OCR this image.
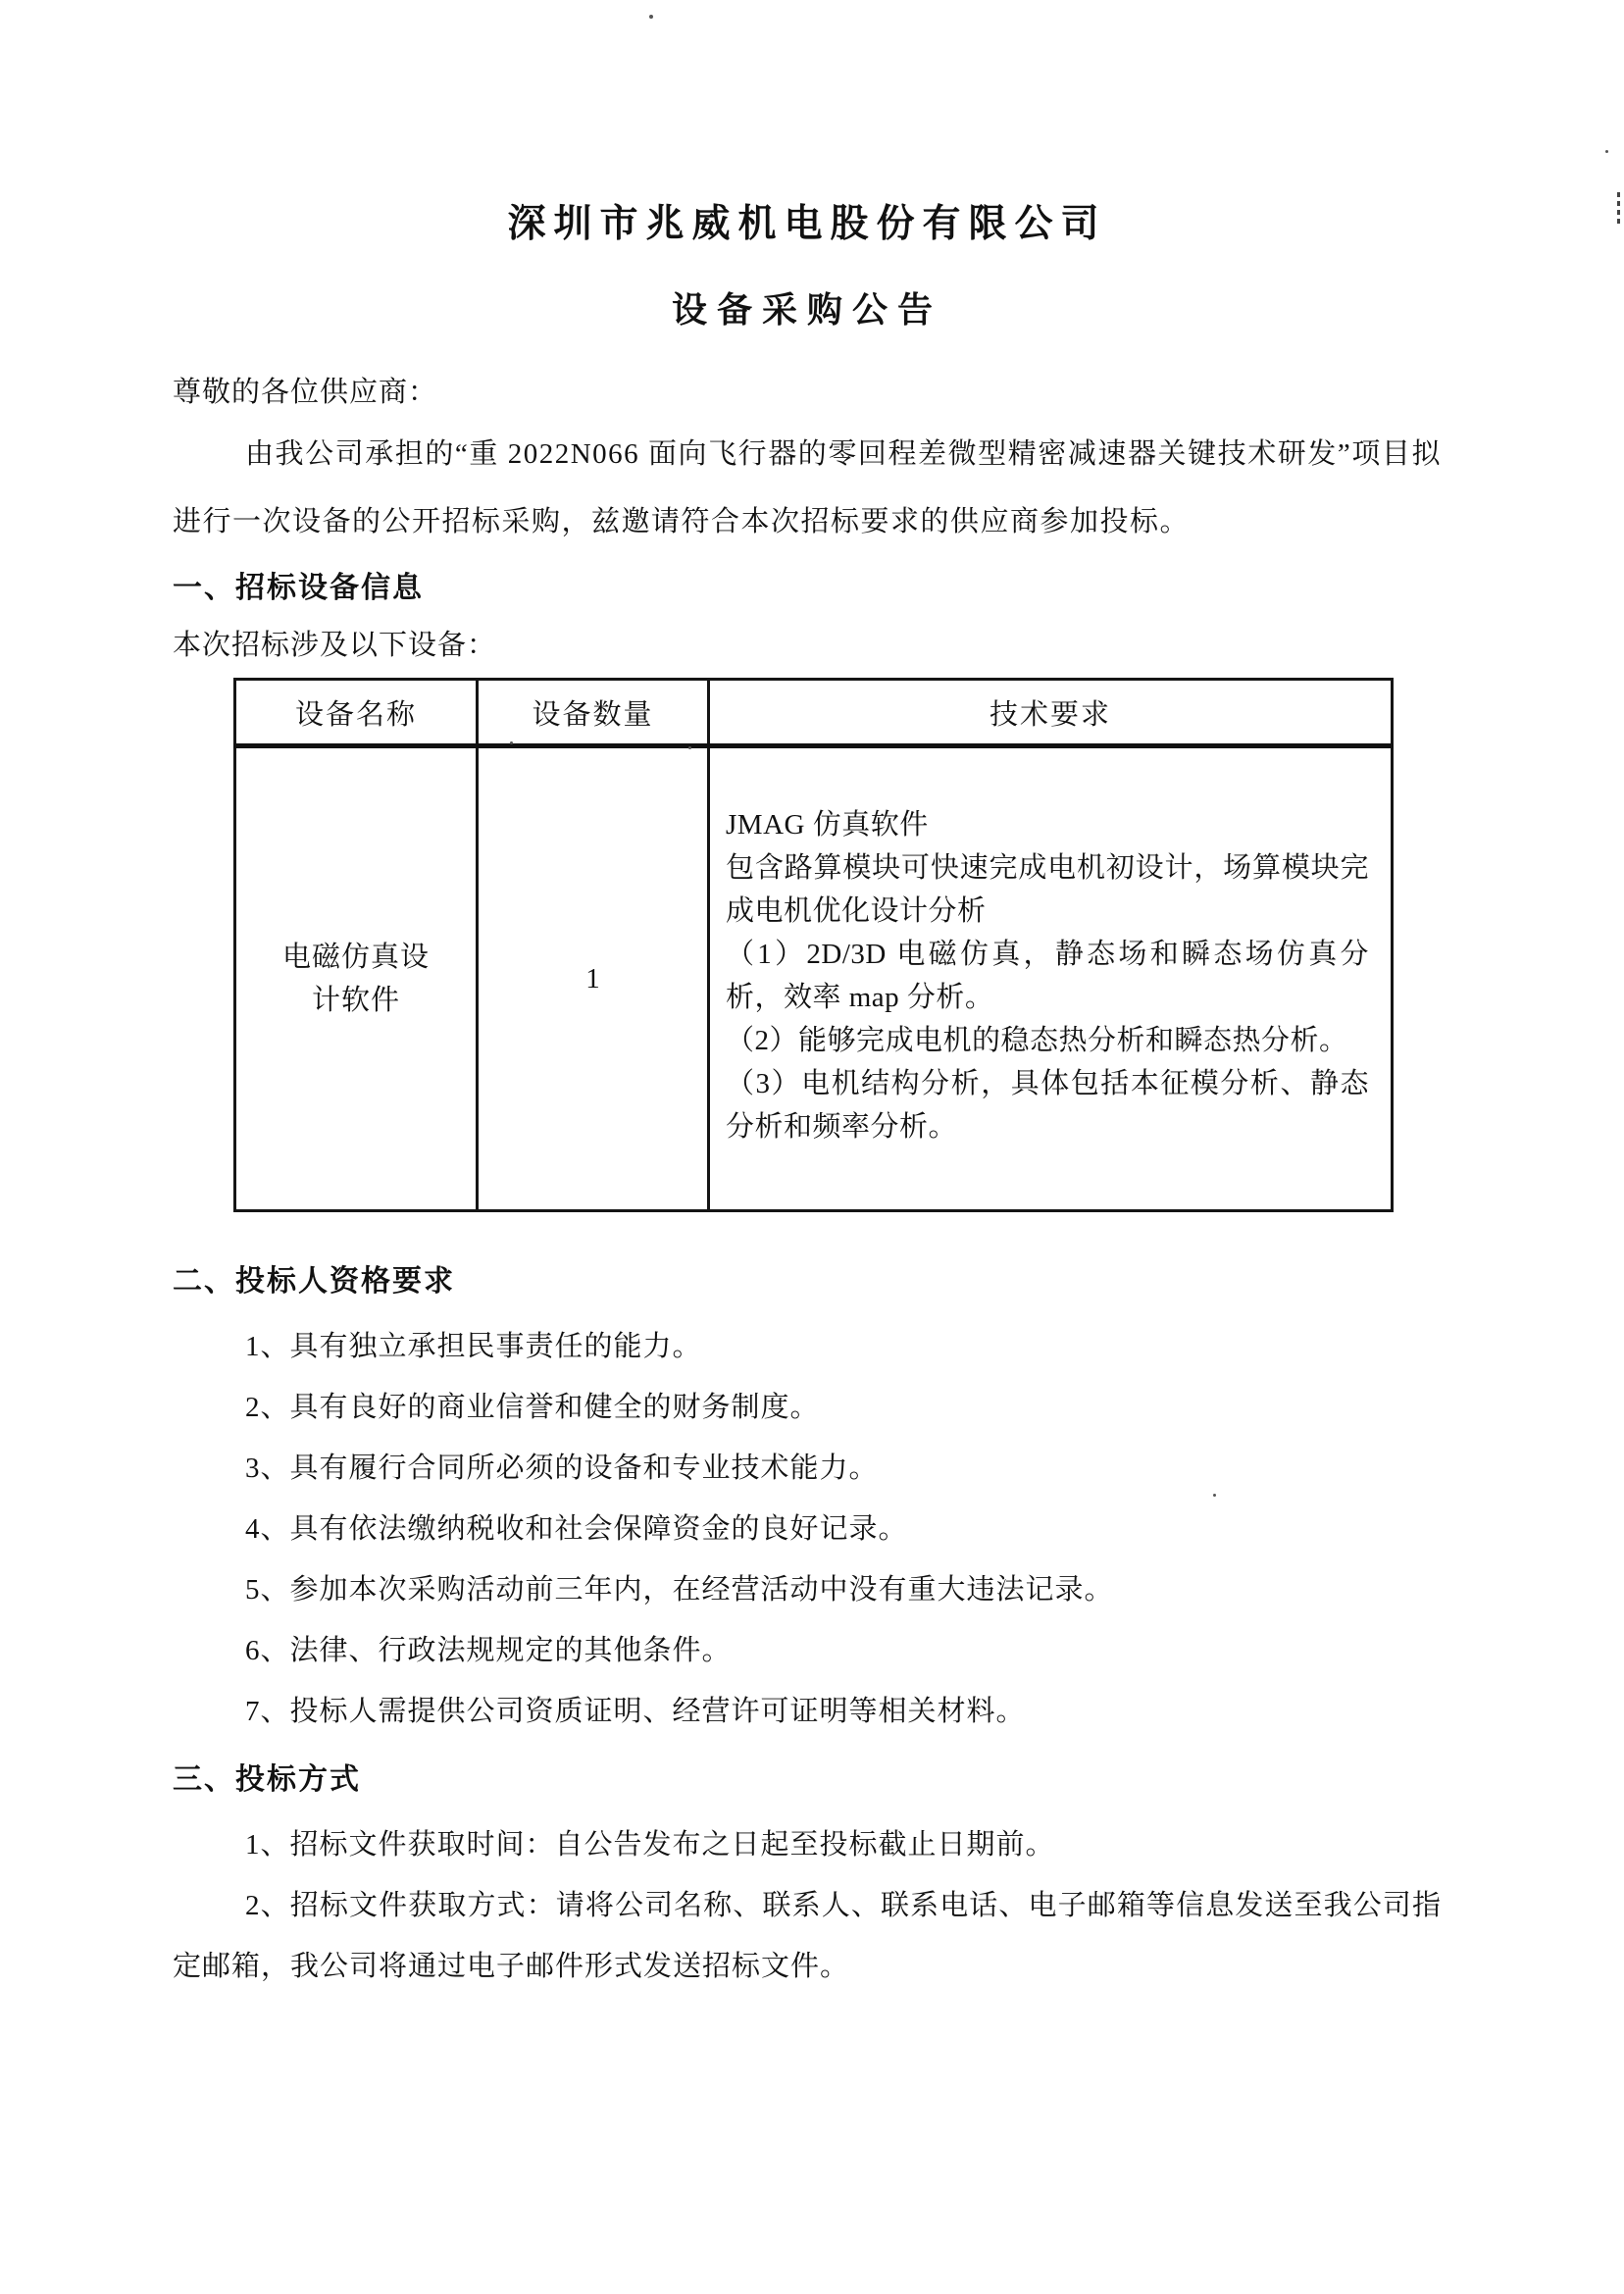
深圳市兆威机电股份有限公司
设备采购公告

尊敬的各位供应商：

由我公司承担的“重 2022N066 面向飞行器的零回程差微型精密减速器关键技术研发”项目拟进行一次设备的公开招标采购，兹邀请符合本次招标要求的供应商参加投标。

一、招标设备信息

本次招标涉及以下设备：

设备名称	设备数量	技术要求
电磁仿真设计软件	1	JMAG 仿真软件
包含路算模块可快速完成电机初设计，场算模块完成电机优化设计分析
（1）2D/3D 电磁仿真，静态场和瞬态场仿真分析，效率 map 分析。
（2）能够完成电机的稳态热分析和瞬态热分析。
（3）电机结构分析，具体包括本征模分析、静态分析和频率分析。
二、投标人资格要求

1、具有独立承担民事责任的能力。

2、具有良好的商业信誉和健全的财务制度。

3、具有履行合同所必须的设备和专业技术能力。

4、具有依法缴纳税收和社会保障资金的良好记录。

5、参加本次采购活动前三年内，在经营活动中没有重大违法记录。

6、法律、行政法规规定的其他条件。

7、投标人需提供公司资质证明、经营许可证明等相关材料。

三、投标方式

1、招标文件获取时间：自公告发布之日起至投标截止日期前。

2、招标文件获取方式：请将公司名称、联系人、联系电话、电子邮箱等信息发送至我公司指定邮箱，我公司将通过电子邮件形式发送招标文件。
